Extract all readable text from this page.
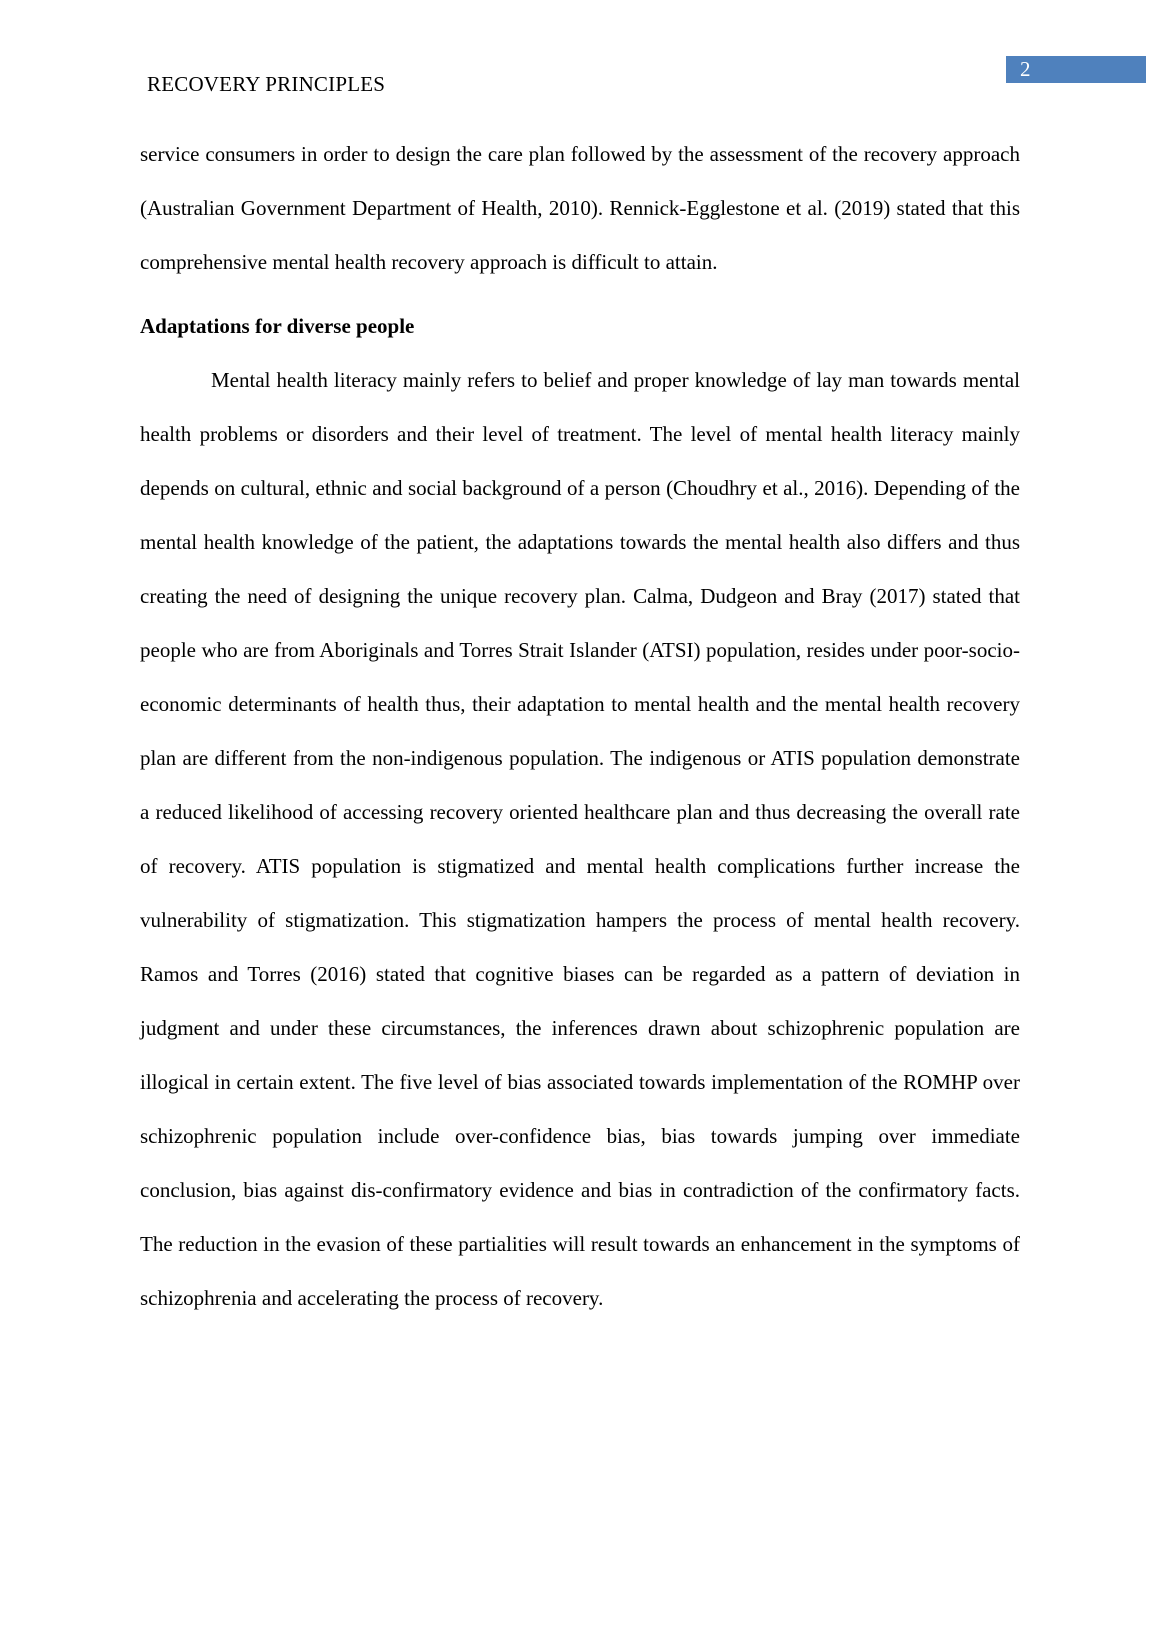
2
RECOVERY PRINCIPLES

service consumers in order to design the care plan followed by the assessment of the recovery approach (Australian Government Department of Health, 2010). Rennick-Egglestone et al. (2019) stated that this comprehensive mental health recovery approach is difficult to attain.

Adaptations for diverse people

Mental health literacy mainly refers to belief and proper knowledge of lay man towards mental health problems or disorders and their level of treatment. The level of mental health literacy mainly depends on cultural, ethnic and social background of a person (Choudhry et al., 2016). Depending of the mental health knowledge of the patient, the adaptations towards the mental health also differs and thus creating the need of designing the unique recovery plan. Calma, Dudgeon and Bray (2017) stated that people who are from Aboriginals and Torres Strait Islander (ATSI) population, resides under poor-socio-economic determinants of health thus, their adaptation to mental health and the mental health recovery plan are different from the non-indigenous population. The indigenous or ATIS population demonstrate a reduced likelihood of accessing recovery oriented healthcare plan and thus decreasing the overall rate of recovery. ATIS population is stigmatized and mental health complications further increase the vulnerability of stigmatization. This stigmatization hampers the process of mental health recovery. Ramos and Torres (2016) stated that cognitive biases can be regarded as a pattern of deviation in judgment and under these circumstances, the inferences drawn about schizophrenic population are illogical in certain extent. The five level of bias associated towards implementation of the ROMHP over schizophrenic population include over-confidence bias, bias towards jumping over immediate conclusion, bias against dis-confirmatory evidence and bias in contradiction of the confirmatory facts. The reduction in the evasion of these partialities will result towards an enhancement in the symptoms of schizophrenia and accelerating the process of recovery.
